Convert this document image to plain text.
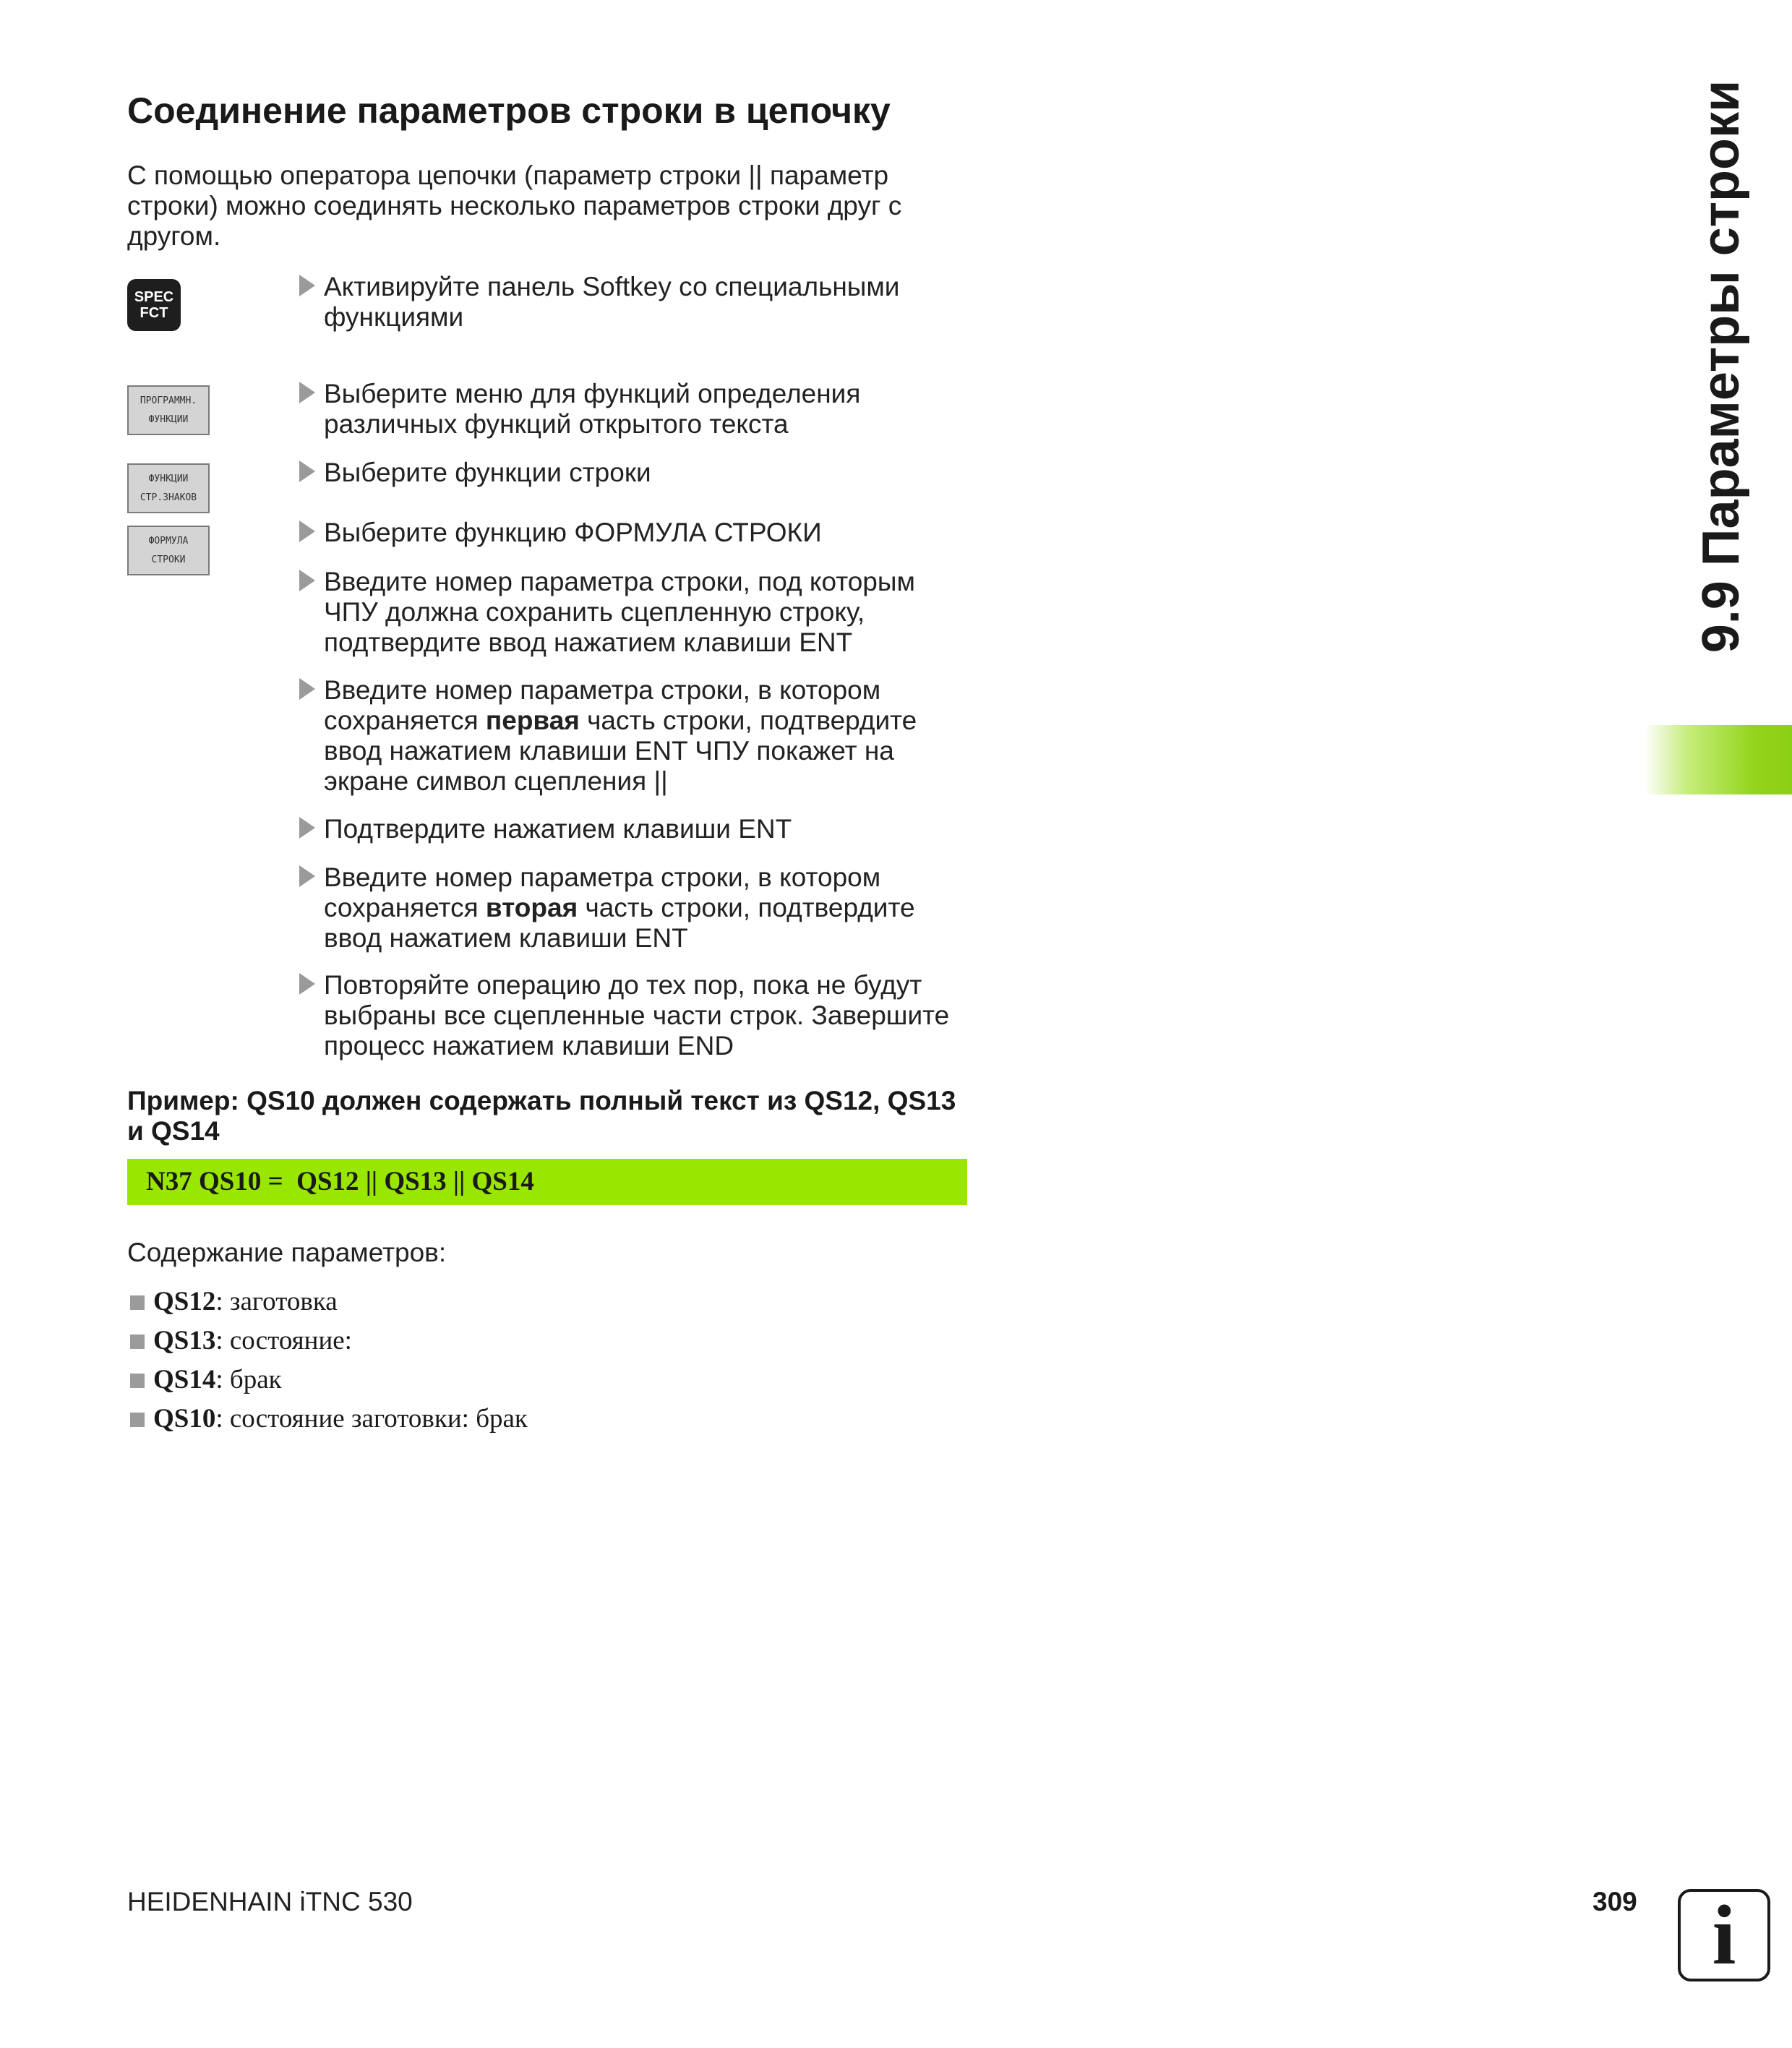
Соединение параметров строки в цепочку
С помощью оператора цепочки (параметр строки || параметр строки) можно соединять несколько параметров строки друг с другом.
SPEC
FCT
ПРОГРАММН.
ФУНКЦИИ
ФУНКЦИИ
СТР.ЗНАКОВ
ФОРМУЛА
СТРОКИ
Активируйте панель Softkey со специальными
функциями
Выберите меню для функций определения
различных функций открытого текста
Выберите функции строки
Выберите функцию ФОРМУЛА СТРОКИ
Введите номер параметра строки, под которым
ЧПУ должна сохранить сцепленную строку,
подтвердите ввод нажатием клавиши ENT
Введите номер параметра строки, в котором
сохраняется первая часть строки, подтвердите
ввод нажатием клавиши ENT ЧПУ покажет на
экране символ сцепления ||
Подтвердите нажатием клавиши ENT
Введите номер параметра строки, в котором
сохраняется вторая часть строки, подтвердите
ввод нажатием клавиши ENT
Повторяйте операцию до тех пор, пока не будут
выбраны все сцепленные части строк. Завершите
процесс нажатием клавиши END
Пример: QS10 должен содержать полный текст из QS12, QS13 и QS14
N37 QS10 =  QS12 || QS13 || QS14
Содержание параметров:
QS12: заготовка
QS13: состояние:
QS14: брак
QS10: состояние заготовки: брак
9.9 Параметры строки
HEIDENHAIN iTNC 530	309 i
